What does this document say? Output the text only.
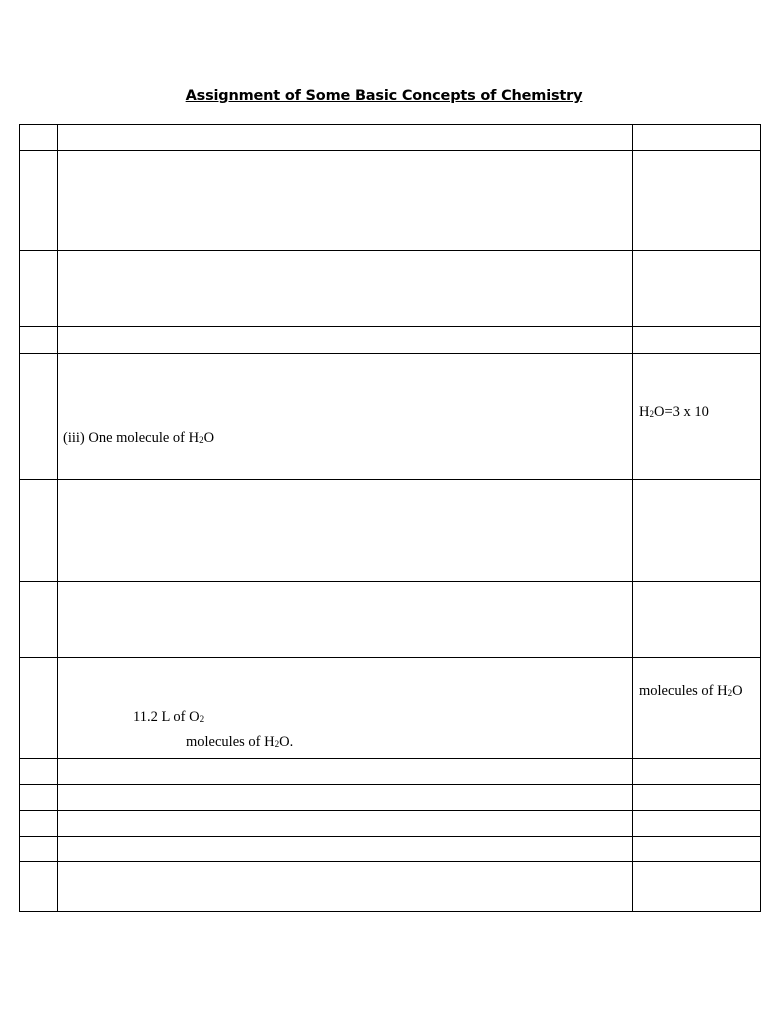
Assignment of Some Basic Concepts of Chemistry
(iii) One molecule of $H_2O$
$H_2O=3$ x 10
molecules of $H_2O$
11.2 L of $O_2$
molecules of $H_2O$.
